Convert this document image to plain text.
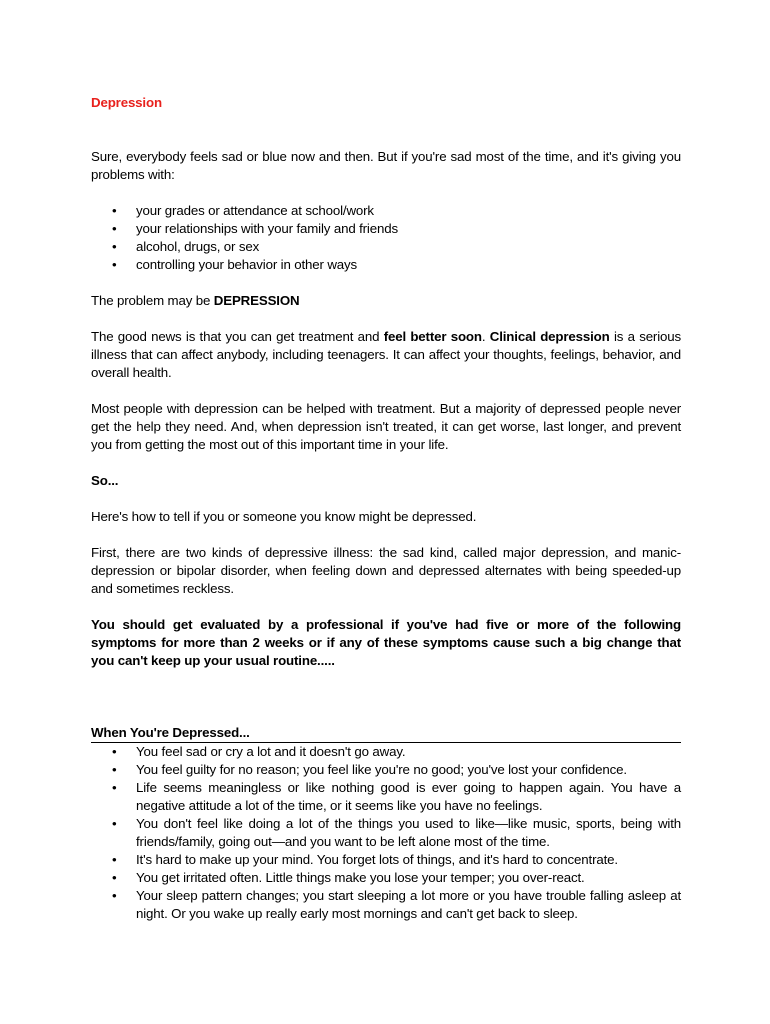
Depression

Sure, everybody feels sad or blue now and then. But if you're sad most of the time, and it's giving you problems with:

• your grades or attendance at school/work
• your relationships with your family and friends
• alcohol, drugs, or sex
• controlling your behavior in other ways

The problem may be DEPRESSION

The good news is that you can get treatment and feel better soon. Clinical depression is a serious illness that can affect anybody, including teenagers. It can affect your thoughts, feelings, behavior, and overall health.

Most people with depression can be helped with treatment. But a majority of depressed people never get the help they need. And, when depression isn't treated, it can get worse, last longer, and prevent you from getting the most out of this important time in your life.

So...

Here's how to tell if you or someone you know might be depressed.

First, there are two kinds of depressive illness: the sad kind, called major depression, and manic-depression or bipolar disorder, when feeling down and depressed alternates with being speeded-up and sometimes reckless.

You should get evaluated by a professional if you've had five or more of the following symptoms for more than 2 weeks or if any of these symptoms cause such a big change that you can't keep up your usual routine.....

When You're Depressed...
• You feel sad or cry a lot and it doesn't go away.
• You feel guilty for no reason; you feel like you're no good; you've lost your confidence.
• Life seems meaningless or like nothing good is ever going to happen again. You have a negative attitude a lot of the time, or it seems like you have no feelings.
• You don't feel like doing a lot of the things you used to like—like music, sports, being with friends/family, going out—and you want to be left alone most of the time.
• It's hard to make up your mind. You forget lots of things, and it's hard to concentrate.
• You get irritated often. Little things make you lose your temper; you over-react.
• Your sleep pattern changes; you start sleeping a lot more or you have trouble falling asleep at night. Or you wake up really early most mornings and can't get back to sleep.
